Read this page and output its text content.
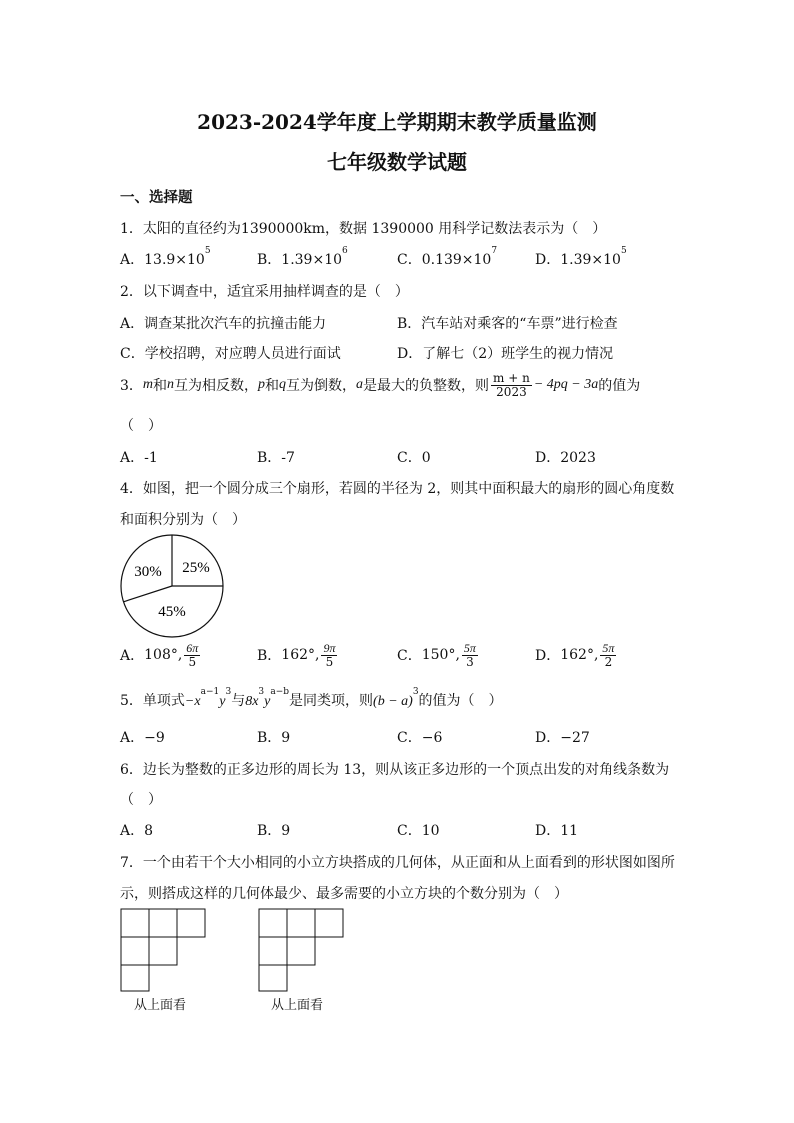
2023-2024学年度上学期期末教学质量监测
七年级数学试题
一、选择题
1．太阳的直径约为1390000km，数据 1390000 用科学记数法表示为（　）
A．$13.9\times 10^5$
B．$1.39\times 10^6$
C．$0.139\times 10^7$
D．$1.39\times 10^5$
2．以下调查中，适宜采用抽样调查的是（　）
A．调查某批次汽车的抗撞击能力	B．汽车站对乘客的“车票”进行检查
C．学校招聘，对应聘人员进行面试	D．了解七（2）班学生的视力情况
3． m 和 n 互为相反数， p 和 q 互为倒数， a 是最大的负整数，则 $\frac{m + n}{2023} - 4pq - 3a$ 的值为
（　）
A．-1	B．-7	C．0	D．2023
4．如图，把一个圆分成三个扇形，若圆的半径为 2，则其中面积最大的扇形的圆心角度数
和面积分别为（　）
30% 25%
45%
A． 108°, $\frac{6\pi}{5}$	B． 162°, $\frac{9\pi}{5}$	C． 150°, $\frac{5\pi}{3}$	D． 162°, $\frac{5\pi}{2}$
5．单项式$-x^{a-1}y^3$与$8x^3y^{a-b}$是同类项，则$(b - a)^3$的值为（　）
A．−9	B．9	C．−6	D．−27
6．边长为整数的正多边形的周长为 13，则从该正多边形的一个顶点出发的对角线条数为
（　）
A．8	B．9	C．10	D．11
7．一个由若干个大小相同的小立方块搭成的几何体，从正面和从上面看到的形状图如图所
示，则搭成这样的几何体最少、最多需要的小立方块的个数分别为（　）
从上面看	从上面看
